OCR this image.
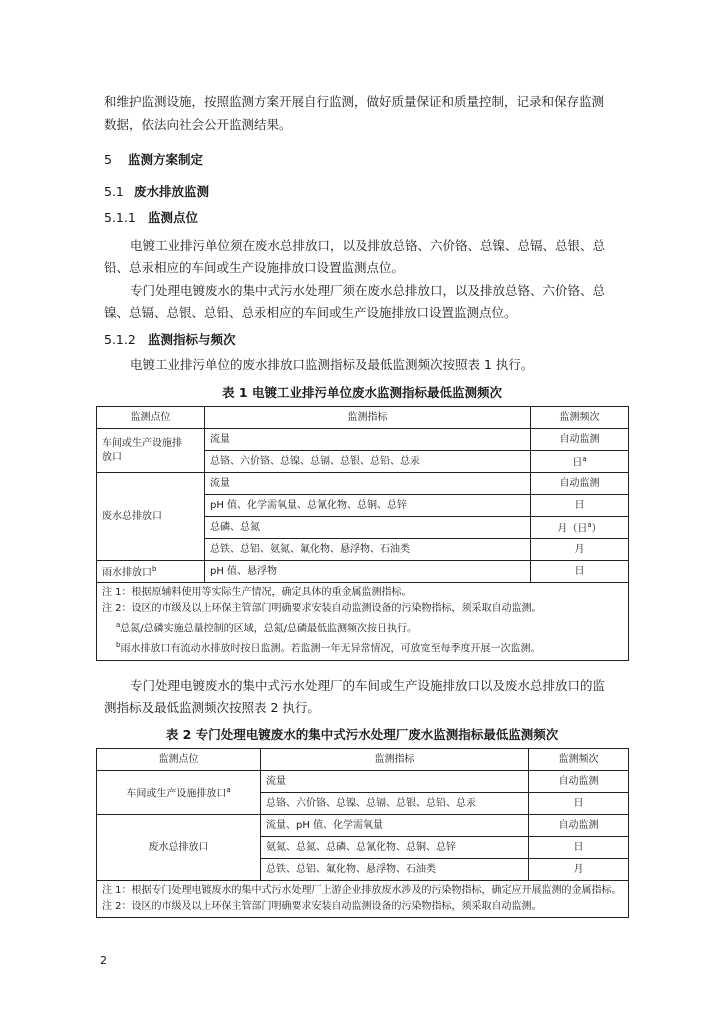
和维护监测设施，按照监测方案开展自行监测，做好质量保证和质量控制，记录和保存监测
数据，依法向社会公开监测结果。
5 监测方案制定
5.1 废水排放监测
5.1.1 监测点位
电镀工业排污单位须在废水总排放口，以及排放总铬、六价铬、总镍、总镉、总银、总
铅、总汞相应的车间或生产设施排放口设置监测点位。
专门处理电镀废水的集中式污水处理厂须在废水总排放口，以及排放总铬、六价铬、总
镍、总镉、总银、总铅、总汞相应的车间或生产设施排放口设置监测点位。
5.1.2 监测指标与频次
电镀工业排污单位的废水排放口监测指标及最低监测频次按照表 1 执行。
表 1 电镀工业排污单位废水监测指标最低监测频次
监测点位	监测指标	监测频次
车间或生产设施排
放口	流量	自动监测
	总铬、六价铬、总镍、总镉、总银、总铅、总汞	日$^a$
废水总排放口	流量	自动监测
	pH 值、化学需氧量、总氰化物、总铜、总锌	日
	总磷、总氮	月（日$^a$）
	总铁、总铝、氨氮、氟化物、悬浮物、石油类	月
雨水排放口$^b$	pH 值、悬浮物	日

注 1：根据原辅料使用等实际生产情况，确定具体的重金属监测指标。
注 2：设区的市级及以上环保主管部门明确要求安装自动监测设备的污染物指标，须采取自动监测。
$^a$总氮/总磷实施总量控制的区域，总氮/总磷最低监测频次按日执行。
$^b$雨水排放口有流动水排放时按日监测。若监测一年无异常情况，可放宽至每季度开展一次监测。		
专门处理电镀废水的集中式污水处理厂的车间或生产设施排放口以及废水总排放口的监
测指标及最低监测频次按照表 2 执行。
表 2 专门处理电镀废水的集中式污水处理厂废水监测指标最低监测频次
监测点位	监测指标	监测频次
车间或生产设施排放口$^a$	流量	自动监测
	总铬、六价铬、总镍、总镉、总银、总铅、总汞	日
废水总排放口	流量、pH 值、化学需氧量	自动监测
	氨氮、总氮、总磷、总氰化物、总铜、总锌	日
	总铁、总铝、氟化物、悬浮物、石油类	月

注 1：根据专门处理电镀废水的集中式污水处理厂上游企业排放废水涉及的污染物指标，确定应开展监测的金属指标。
注 2：设区的市级及以上环保主管部门明确要求安装自动监测设备的污染物指标，须采取自动监测。		
2
